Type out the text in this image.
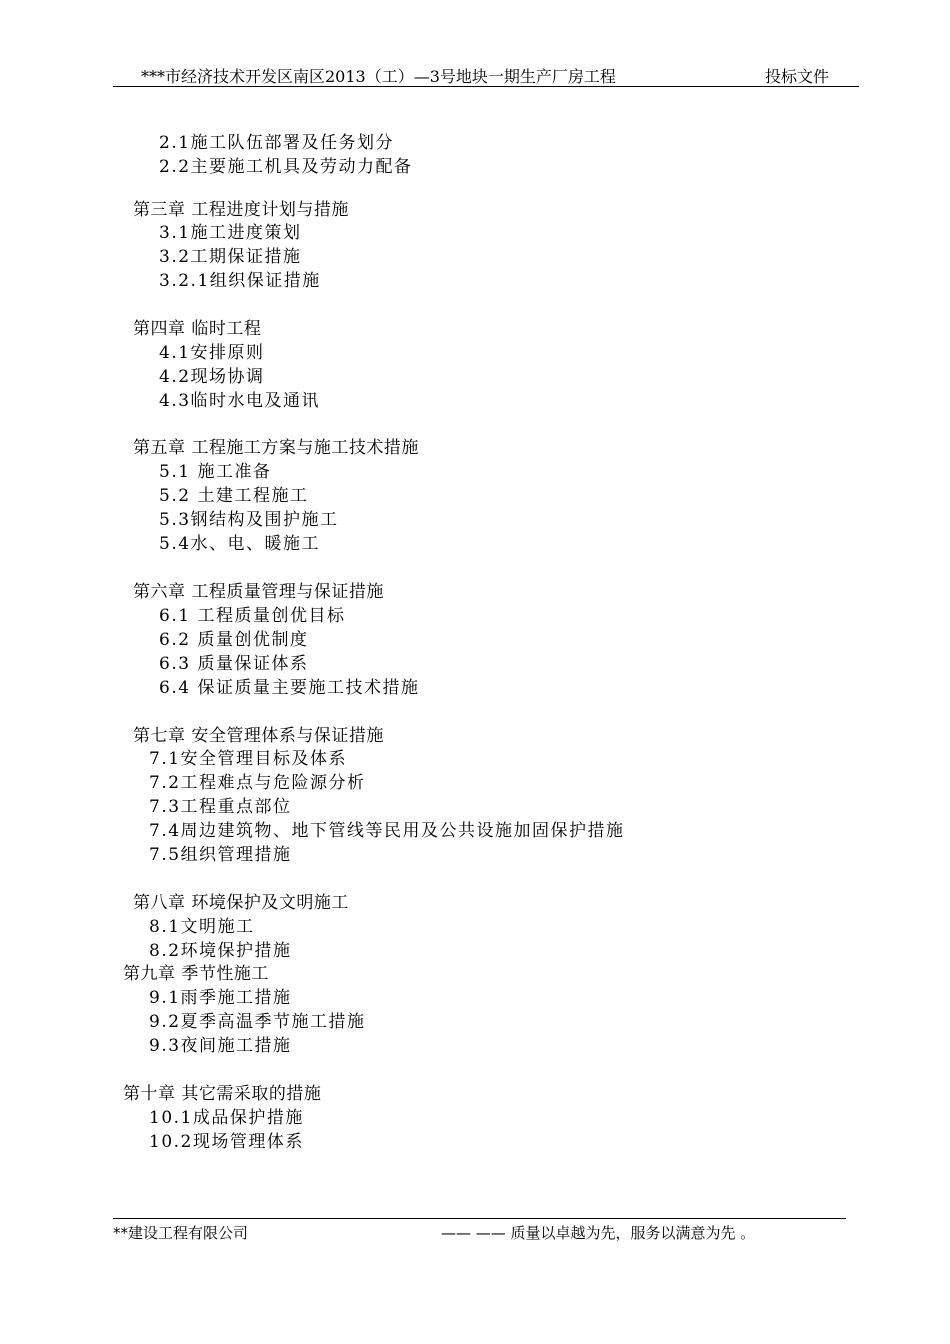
***市经济技术开发区南区2013（工）—3号地块一期生产厂房工程	投标文件
2.1施工队伍部署及任务划分
2.2主要施工机具及劳动力配备
第三章 工程进度计划与措施
3.1施工进度策划
3.2工期保证措施
3.2.1组织保证措施
第四章 临时工程
4.1安排原则
4.2现场协调
4.3临时水电及通讯
第五章 工程施工方案与施工技术措施
5.1 施工准备
5.2 土建工程施工
5.3钢结构及围护施工
5.4水、电、暖施工
第六章 工程质量管理与保证措施
6.1 工程质量创优目标
6.2 质量创优制度
6.3 质量保证体系
6.4 保证质量主要施工技术措施
第七章 安全管理体系与保证措施
7.1安全管理目标及体系
7.2工程难点与危险源分析
7.3工程重点部位
7.4周边建筑物、地下管线等民用及公共设施加固保护措施
7.5组织管理措施
第八章 环境保护及文明施工
8.1文明施工
8.2环境保护措施
第九章 季节性施工
9.1雨季施工措施
9.2夏季高温季节施工措施
9.3夜间施工措施
第十章 其它需采取的措施
10.1成品保护措施
10.2现场管理体系
**建设工程有限公司	—— —— 质量以卓越为先，服务以满意为先 。
